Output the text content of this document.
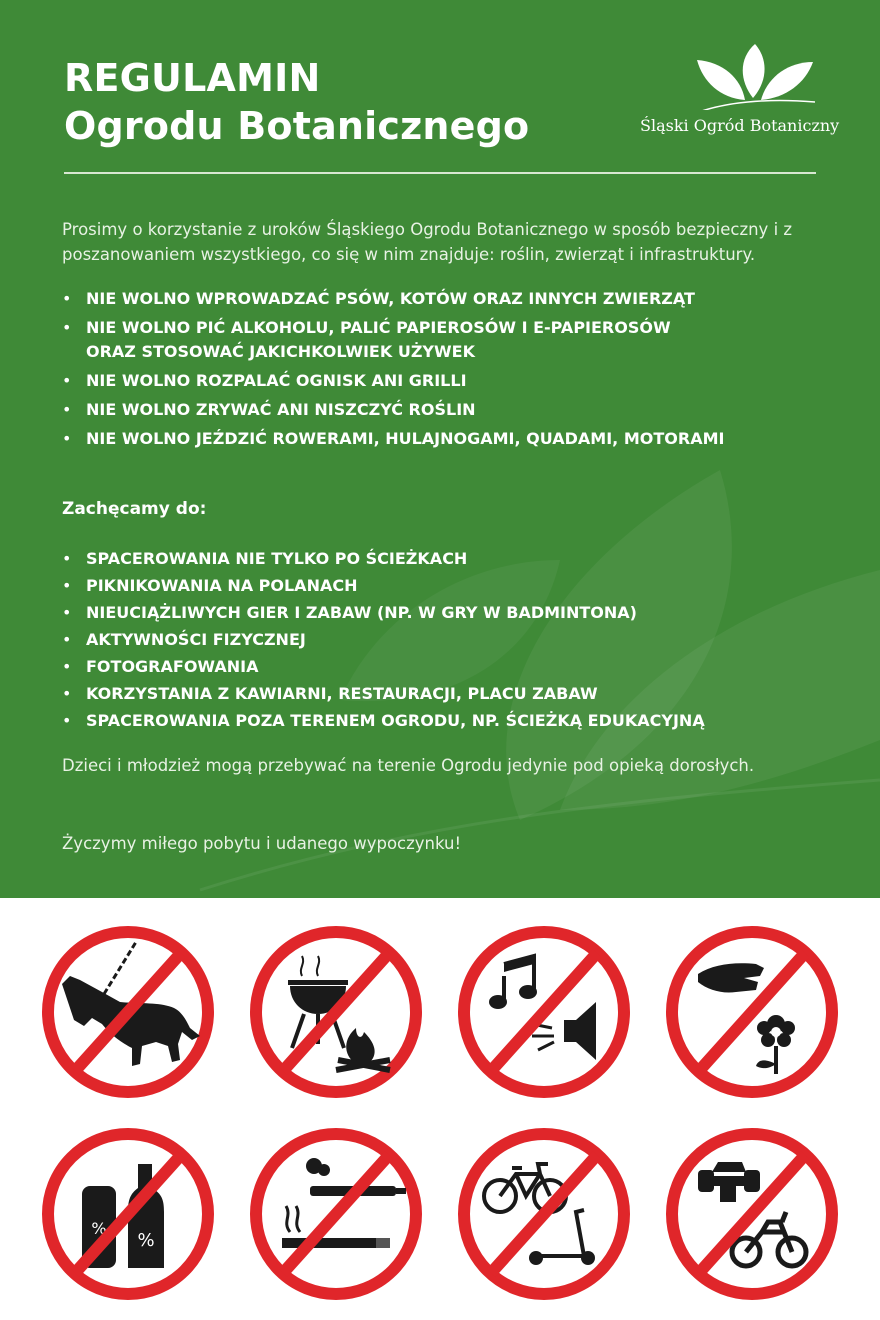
REGULAMIN
Ogrodu Botanicznego	Śląski Ogród Botaniczny

Prosimy o korzystanie z uroków Śląskiego Ogrodu Botanicznego w sposób bezpieczny i z poszanowaniem wszystkiego, co się w nim znajduje: roślin, zwierząt i infrastruktury.

• NIE WOLNO WPROWADZAĆ PSÓW, KOTÓW ORAZ INNYCH ZWIERZĄT
• NIE WOLNO PIĆ ALKOHOLU, PALIĆ PAPIEROSÓW I E-PAPIEROSÓW ORAZ STOSOWAĆ JAKICHKOLWIEK UŻYWEK
• NIE WOLNO ROZPALAĆ OGNISK ANI GRILLI
• NIE WOLNO ZRYWAĆ ANI NISZCZYĆ ROŚLIN
• NIE WOLNO JEŹDZIĆ ROWERAMI, HULAJNOGAMI, QUADAMI, MOTORAMI
Zachęcamy do:
• SPACEROWANIA NIE TYLKO PO ŚCIEŻKACH
• PIKNIKOWANIA NA POLANACH
• NIEUCIĄŻLIWYCH GIER I ZABAW (NP. W GRY W BADMINTONA)
• AKTYWNOŚCI FIZYCZNEJ
• FOTOGRAFOWANIA
• KORZYSTANIA Z KAWIARNI, RESTAURACJI, PLACU ZABAW
• SPACEROWANIA POZA TERENEM OGRODU, NP. ŚCIEŻKĄ EDUKACYJNĄ

Dzieci i młodzież mogą przebywać na terenie Ogrodu jedynie pod opieką dorosłych.

Życzymy miłego pobytu i udanego wypoczynku!

%
%
